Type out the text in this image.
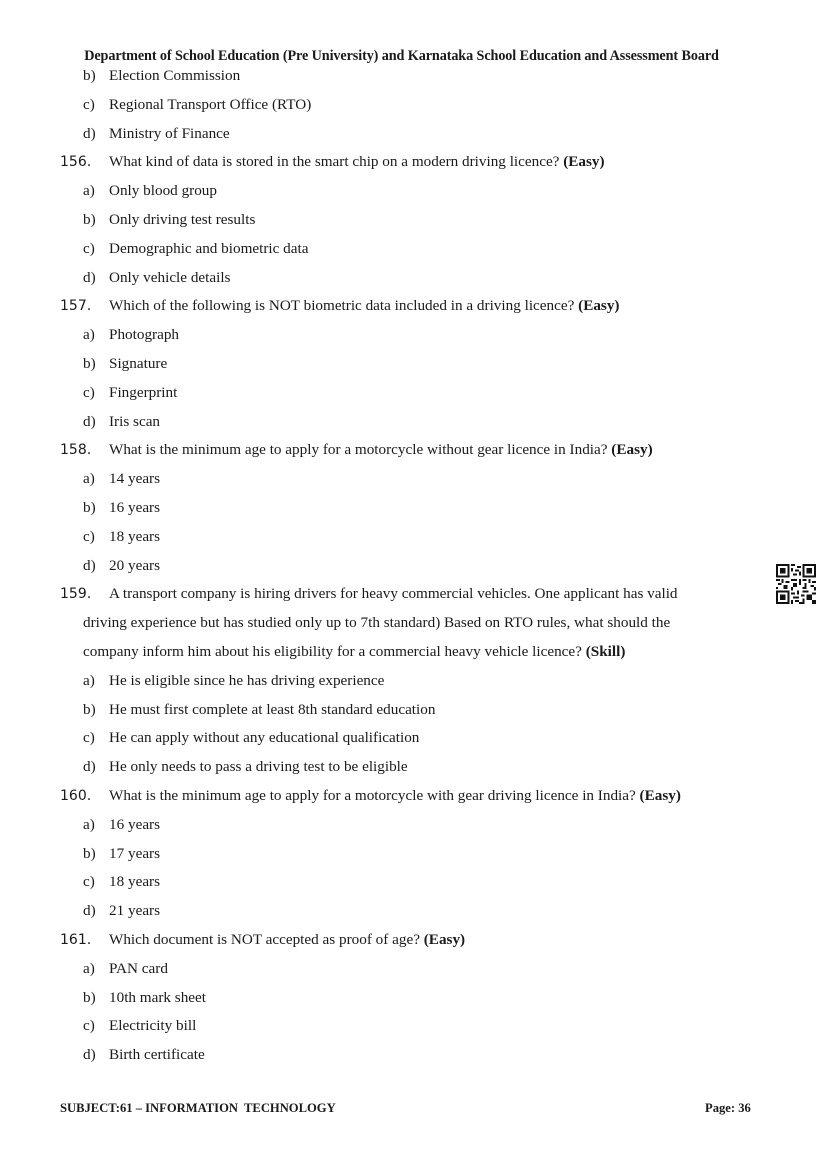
Department of School Education (Pre University) and Karnataka School Education and Assessment Board
b) Election Commission
c) Regional Transport Office (RTO)
d) Ministry of Finance
156. What kind of data is stored in the smart chip on a modern driving licence? (Easy)
a) Only blood group
b) Only driving test results
c) Demographic and biometric data
d) Only vehicle details
157. Which of the following is NOT biometric data included in a driving licence? (Easy)
a) Photograph
b) Signature
c) Fingerprint
d) Iris scan
158. What is the minimum age to apply for a motorcycle without gear licence in India? (Easy)
a) 14 years
b) 16 years
c) 18 years
d) 20 years
159. A transport company is hiring drivers for heavy commercial vehicles. One applicant has valid
driving experience but has studied only up to 7th standard) Based on RTO rules, what should the
company inform him about his eligibility for a commercial heavy vehicle licence? (Skill)
a) He is eligible since he has driving experience
b) He must first complete at least 8th standard education
c) He can apply without any educational qualification
d) He only needs to pass a driving test to be eligible
160. What is the minimum age to apply for a motorcycle with gear driving licence in India? (Easy)
a) 16 years
b) 17 years
c) 18 years
d) 21 years
161. Which document is NOT accepted as proof of age? (Easy)
a) PAN card
b) 10th mark sheet
c) Electricity bill
d) Birth certificate
SUBJECT:61 – INFORMATION  TECHNOLOGY	Page: 36
